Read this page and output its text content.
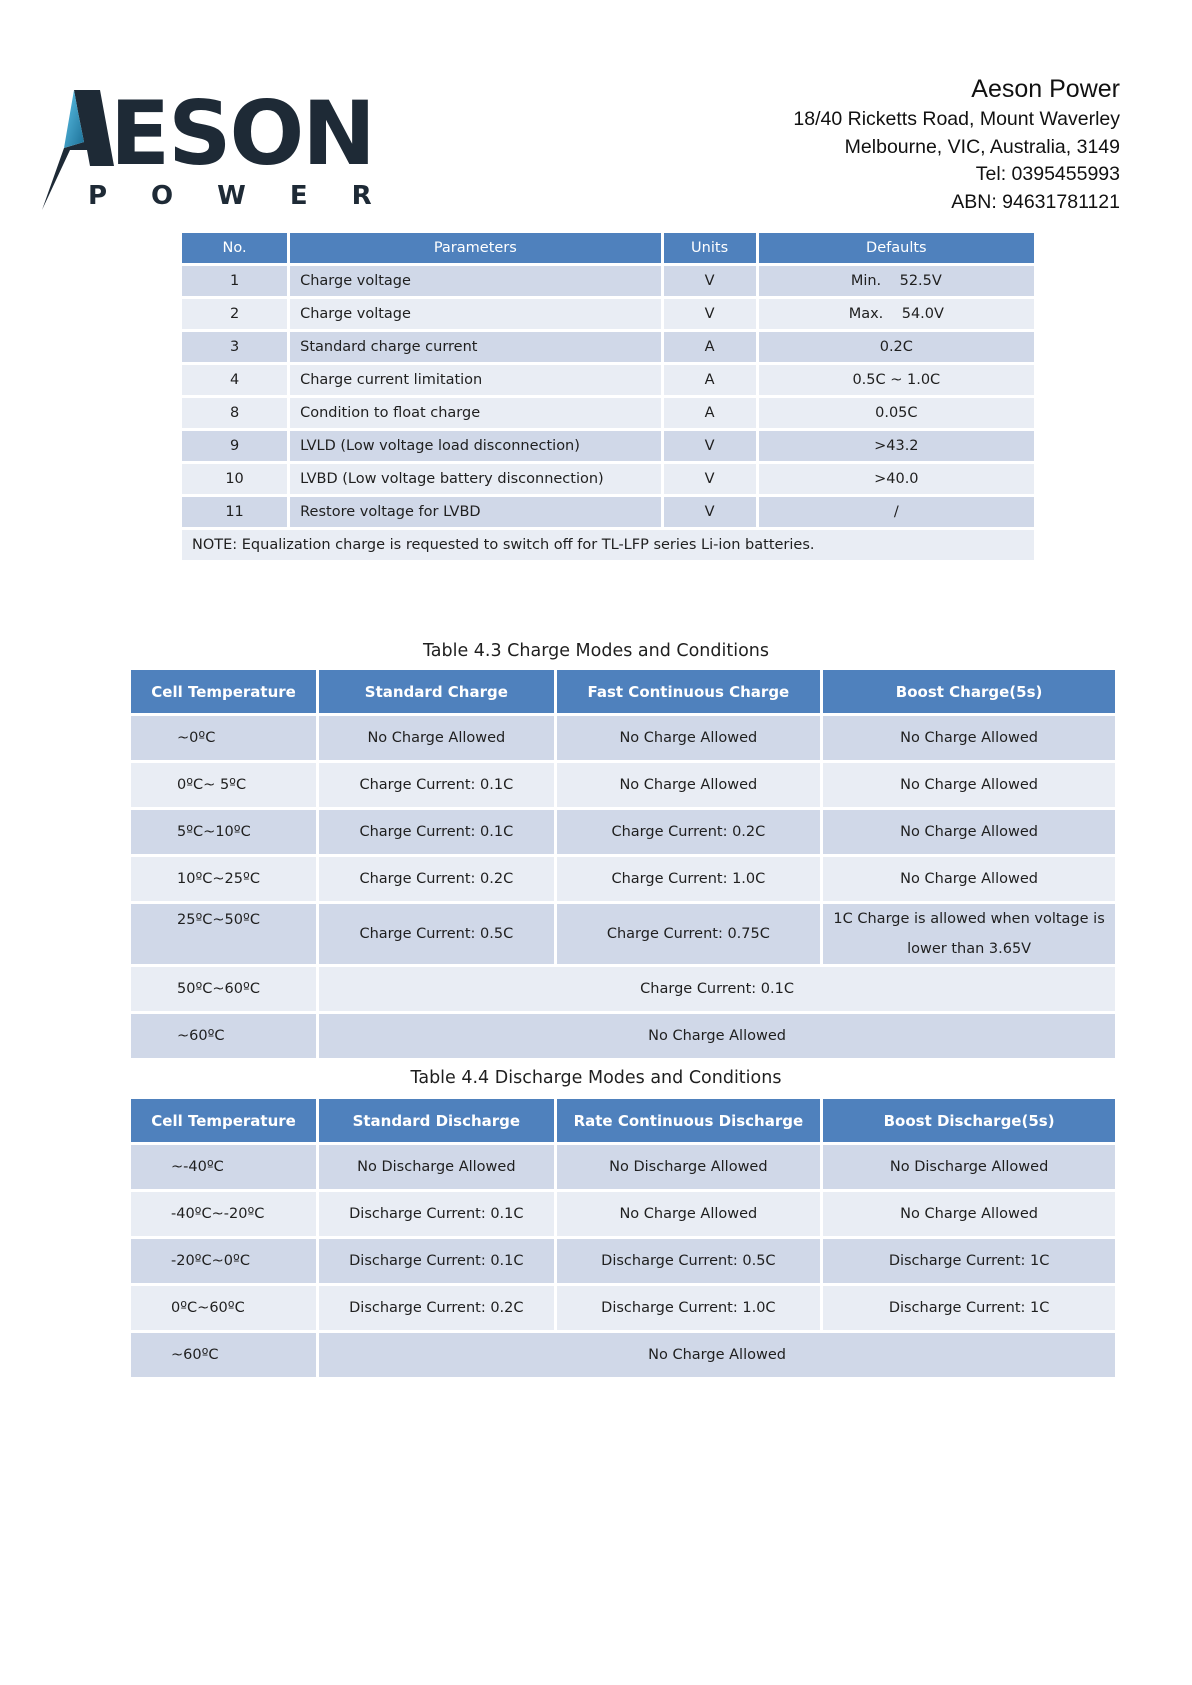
ESON
POWER
Aeson Power
18/40 Ricketts Road, Mount Waverley
Melbourne, VIC, Australia, 3149
Tel: 0395455993
ABN: 94631781121
No.	Parameters	Units	Defaults
1	Charge voltage	V	Min.    52.5V
2	Charge voltage	V	Max.    54.0V
3	Standard charge current	A	0.2C
4	Charge current limitation	A	0.5C ~ 1.0C
8	Condition to float charge	A	0.05C
9	LVLD (Low voltage load disconnection)	V	>43.2
10	LVBD (Low voltage battery disconnection)	V	>40.0
11	Restore voltage for LVBD	V	/
NOTE: Equalization charge is requested to switch off for TL-LFP series Li-ion batteries.			
Table 4.3 Charge Modes and Conditions
Cell Temperature	Standard Charge	Fast Continuous Charge	Boost Charge(5s)
~0ºC	No Charge Allowed	No Charge Allowed	No Charge Allowed
0ºC~ 5ºC	Charge Current: 0.1C	No Charge Allowed	No Charge Allowed
5ºC~10ºC	Charge Current: 0.1C	Charge Current: 0.2C	No Charge Allowed
10ºC~25ºC	Charge Current: 0.2C	Charge Current: 1.0C	No Charge Allowed
25ºC~50ºC	Charge Current: 0.5C	Charge Current: 0.75C	1C Charge is allowed when voltage is lower than 3.65V
50ºC~60ºC	Charge Current: 0.1C		
~60ºC	No Charge Allowed		
Table 4.4 Discharge Modes and Conditions
Cell Temperature	Standard Discharge	Rate Continuous Discharge	Boost Discharge(5s)
~-40ºC	No Discharge Allowed	No Discharge Allowed	No Discharge Allowed
-40ºC~-20ºC	Discharge Current: 0.1C	No Charge Allowed	No Charge Allowed
-20ºC~0ºC	Discharge Current: 0.1C	Discharge Current: 0.5C	Discharge Current: 1C
0ºC~60ºC	Discharge Current: 0.2C	Discharge Current: 1.0C	Discharge Current: 1C
~60ºC	No Charge Allowed		
